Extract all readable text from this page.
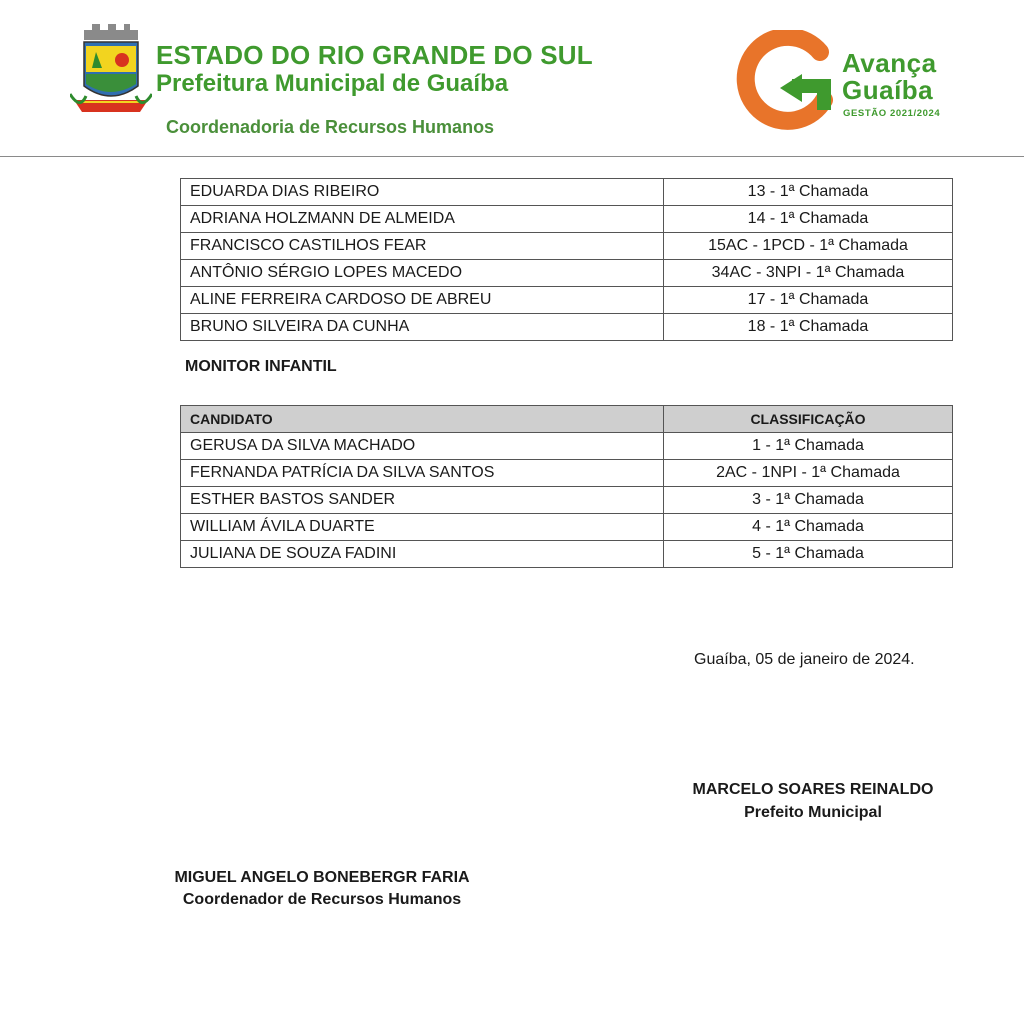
ESTADO DO RIO GRANDE DO SUL
Prefeitura Municipal de Guaíba
Coordenadoria de Recursos Humanos
Avança
Guaíba
GESTÃO 2021/2024
EDUARDA DIAS RIBEIRO	13 - 1ª Chamada
ADRIANA HOLZMANN DE ALMEIDA	14 - 1ª Chamada
FRANCISCO CASTILHOS FEAR	15AC - 1PCD - 1ª Chamada
ANTÔNIO SÉRGIO LOPES MACEDO	34AC - 3NPI - 1ª Chamada
ALINE FERREIRA CARDOSO DE ABREU	17 - 1ª Chamada
BRUNO SILVEIRA DA CUNHA	18 - 1ª Chamada
MONITOR INFANTIL
CANDIDATO	CLASSIFICAÇÃO
GERUSA DA SILVA MACHADO	1 - 1ª Chamada
FERNANDA PATRÍCIA DA SILVA SANTOS	2AC - 1NPI - 1ª Chamada
ESTHER BASTOS SANDER	3 - 1ª Chamada
WILLIAM ÁVILA DUARTE	4 - 1ª Chamada
JULIANA DE SOUZA FADINI	5 - 1ª Chamada
Guaíba, 05 de janeiro de 2024.
MARCELO SOARES REINALDO
Prefeito Municipal
MIGUEL ANGELO BONEBERGR FARIA
Coordenador de Recursos Humanos
